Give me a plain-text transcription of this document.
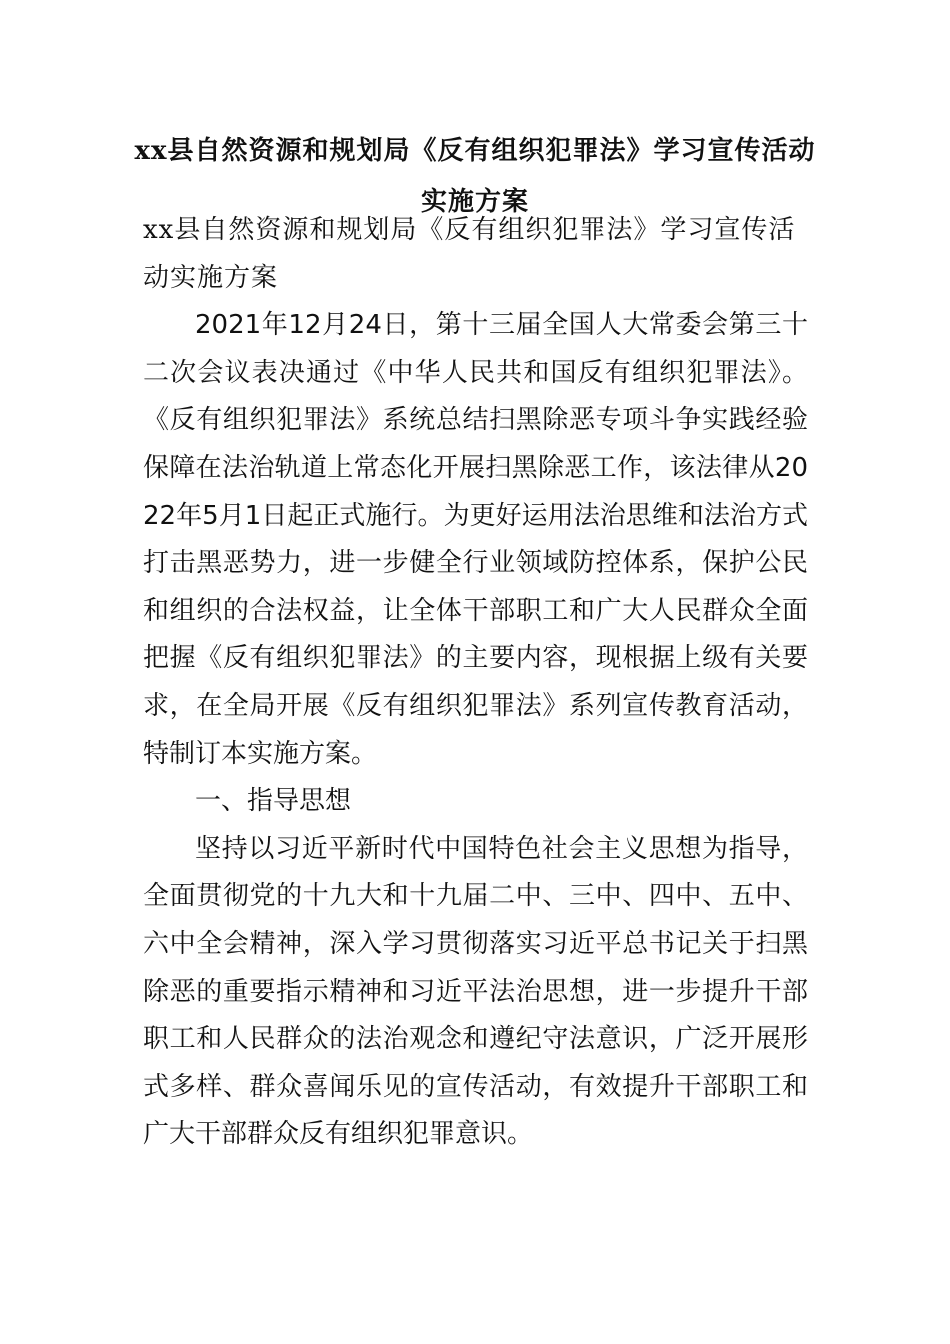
xx县自然资源和规划局《反有组织犯罪法》学习宣传活动
实施方案

xx县自然资源和规划局《反有组织犯罪法》学习宣传活动实施方案

2021年12月24日，第十三届全国人大常委会第三十二次会议表决通过《中华人民共和国反有组织犯罪法》。《反有组织犯罪法》系统总结扫黑除恶专项斗争实践经验保障在法治轨道上常态化开展扫黑除恶工作，该法律从2022年5月1日起正式施行。为更好运用法治思维和法治方式打击黑恶势力，进一步健全行业领域防控体系，保护公民和组织的合法权益，让全体干部职工和广大人民群众全面把握《反有组织犯罪法》的主要内容，现根据上级有关要求，在全局开展《反有组织犯罪法》系列宣传教育活动，特制订本实施方案。

一、指导思想

坚持以习近平新时代中国特色社会主义思想为指导，全面贯彻党的十九大和十九届二中、三中、四中、五中、六中全会精神，深入学习贯彻落实习近平总书记关于扫黑除恶的重要指示精神和习近平法治思想，进一步提升干部职工和人民群众的法治观念和遵纪守法意识，广泛开展形式多样、群众喜闻乐见的宣传活动，有效提升干部职工和广大干部群众反有组织犯罪意识。
